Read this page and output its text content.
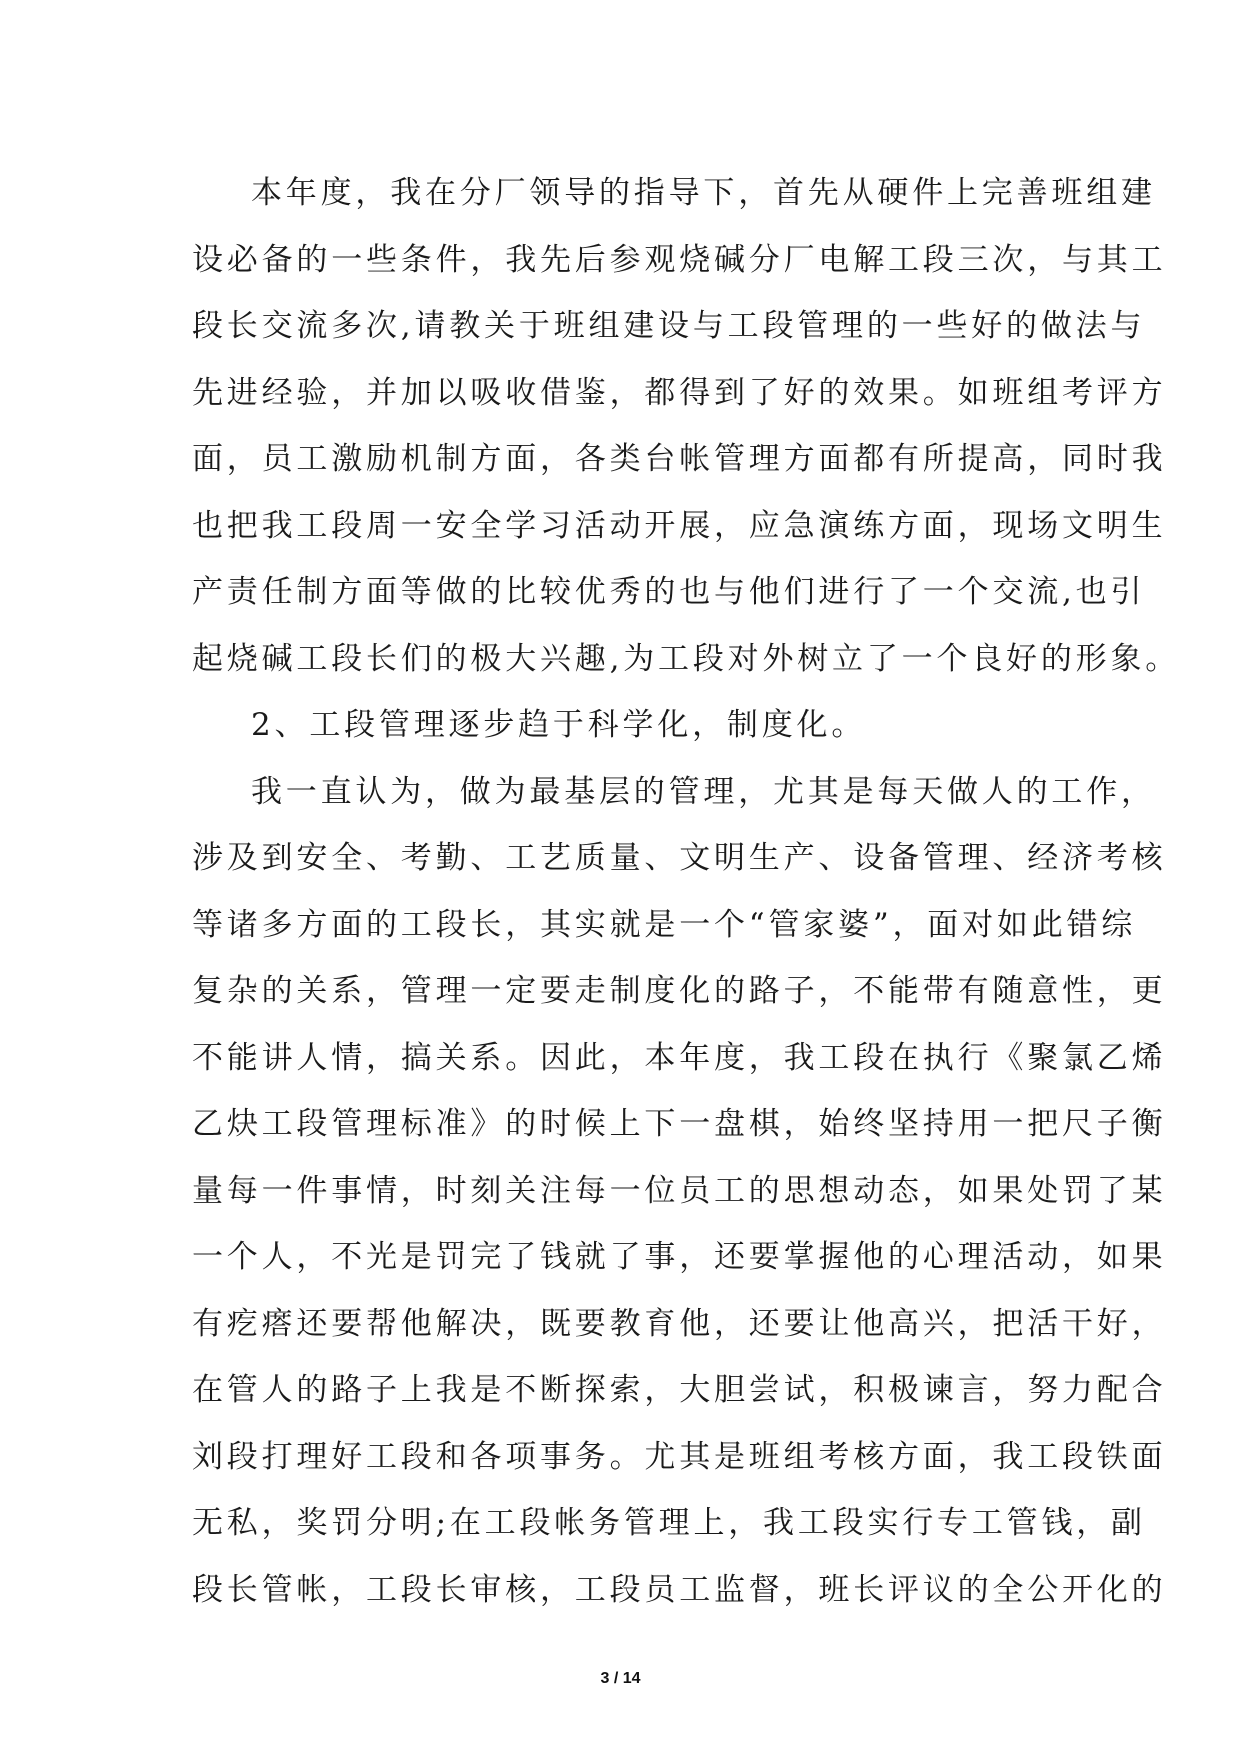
本年度，我在分厂领导的指导下，首先从硬件上完善班组建
设必备的一些条件，我先后参观烧碱分厂电解工段三次，与其工
段长交流多次,请教关于班组建设与工段管理的一些好的做法与
先进经验，并加以吸收借鉴，都得到了好的效果。如班组考评方
面，员工激励机制方面，各类台帐管理方面都有所提高，同时我
也把我工段周一安全学习活动开展，应急演练方面，现场文明生
产责任制方面等做的比较优秀的也与他们进行了一个交流,也引
起烧碱工段长们的极大兴趣,为工段对外树立了一个良好的形象。
2、工段管理逐步趋于科学化，制度化。
我一直认为，做为最基层的管理，尤其是每天做人的工作，
涉及到安全、考勤、工艺质量、文明生产、设备管理、经济考核
等诸多方面的工段长，其实就是一个“管家婆”，面对如此错综
复杂的关系，管理一定要走制度化的路子，不能带有随意性，更
不能讲人情，搞关系。因此，本年度，我工段在执行《聚氯乙烯
乙炔工段管理标准》的时候上下一盘棋，始终坚持用一把尺子衡
量每一件事情，时刻关注每一位员工的思想动态，如果处罚了某
一个人，不光是罚完了钱就了事，还要掌握他的心理活动，如果
有疙瘩还要帮他解决，既要教育他，还要让他高兴，把活干好，
在管人的路子上我是不断探索，大胆尝试，积极谏言，努力配合
刘段打理好工段和各项事务。尤其是班组考核方面，我工段铁面
无私，奖罚分明;在工段帐务管理上，我工段实行专工管钱，副
段长管帐，工段长审核，工段员工监督，班长评议的全公开化的
3 / 14
